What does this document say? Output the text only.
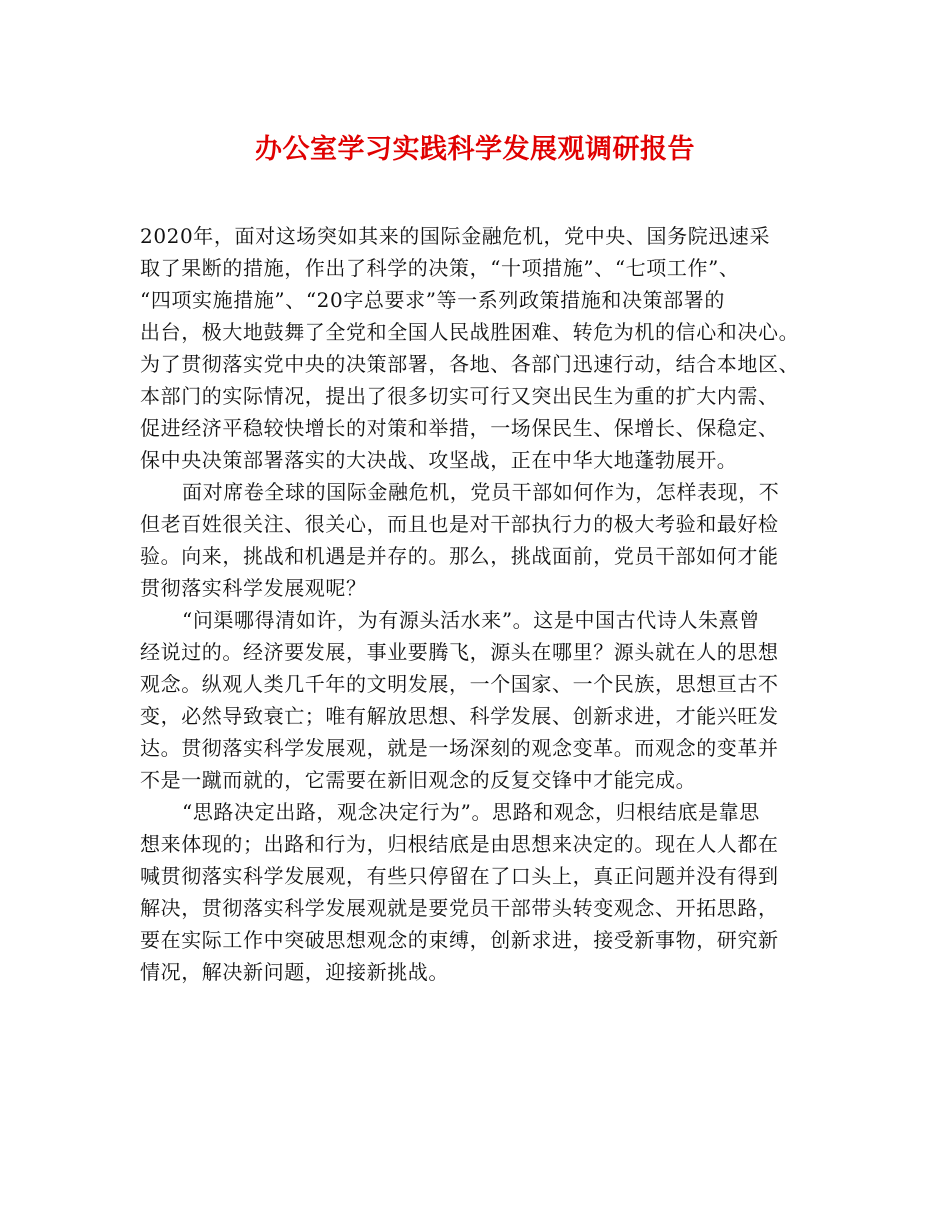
办公室学习实践科学发展观调研报告
2020年，面对这场突如其来的国际金融危机，党中央、国务院迅速采
取了果断的措施，作出了科学的决策，“十项措施”、“七项工作”、
“四项实施措施”、“20字总要求”等一系列政策措施和决策部署的
出台，极大地鼓舞了全党和全国人民战胜困难、转危为机的信心和决心。
为了贯彻落实党中央的决策部署，各地、各部门迅速行动，结合本地区、
本部门的实际情况，提出了很多切实可行又突出民生为重的扩大内需、
促进经济平稳较快增长的对策和举措，一场保民生、保增长、保稳定、
保中央决策部署落实的大决战、攻坚战，正在中华大地蓬勃展开。
面对席卷全球的国际金融危机，党员干部如何作为，怎样表现，不
但老百姓很关注、很关心，而且也是对干部执行力的极大考验和最好检
验。向来，挑战和机遇是并存的。那么，挑战面前，党员干部如何才能
贯彻落实科学发展观呢？
“问渠哪得清如许，为有源头活水来”。这是中国古代诗人朱熹曾
经说过的。经济要发展，事业要腾飞，源头在哪里？源头就在人的思想
观念。纵观人类几千年的文明发展，一个国家、一个民族，思想亘古不
变，必然导致衰亡；唯有解放思想、科学发展、创新求进，才能兴旺发
达。贯彻落实科学发展观，就是一场深刻的观念变革。而观念的变革并
不是一蹴而就的，它需要在新旧观念的反复交锋中才能完成。
“思路决定出路，观念决定行为”。思路和观念，归根结底是靠思
想来体现的；出路和行为，归根结底是由思想来决定的。现在人人都在
喊贯彻落实科学发展观，有些只停留在了口头上，真正问题并没有得到
解决，贯彻落实科学发展观就是要党员干部带头转变观念、开拓思路，
要在实际工作中突破思想观念的束缚，创新求进，接受新事物，研究新
情况，解决新问题，迎接新挑战。
